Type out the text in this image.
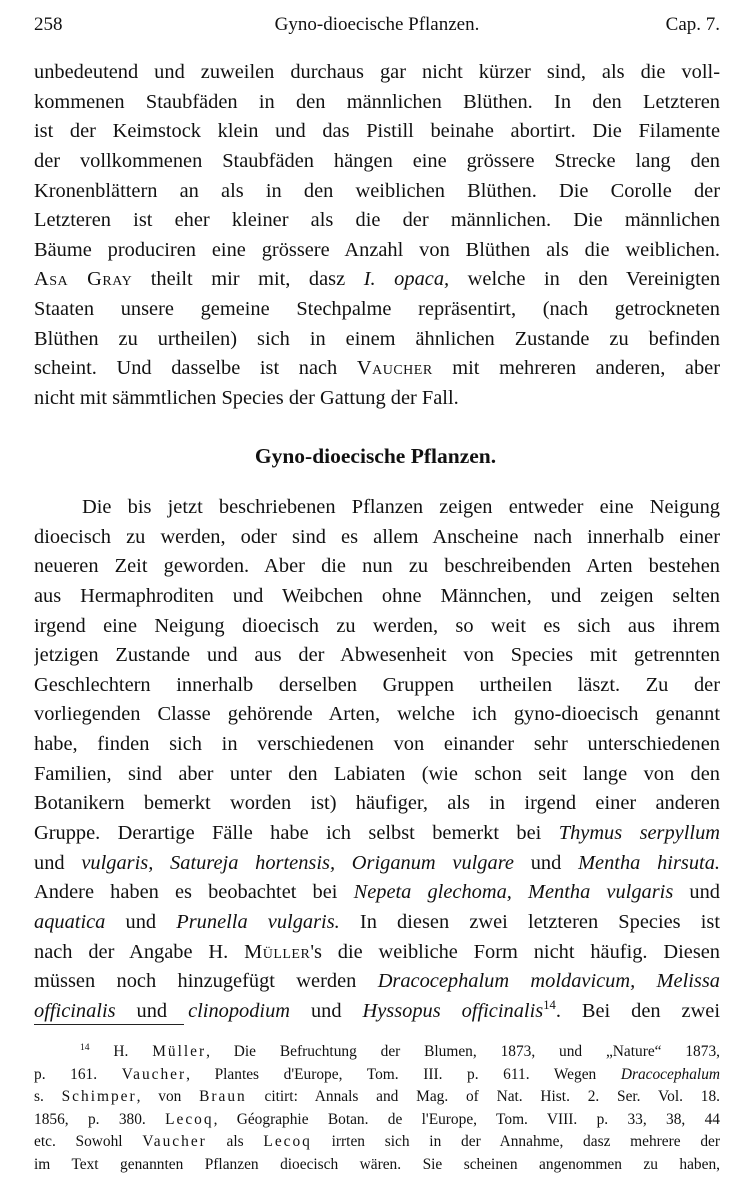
258	Gyno-dioecische Pflanzen.	Cap. 7.
unbedeutend und zuweilen durchaus gar nicht kürzer sind, als die voll-
kommenen Staubfäden in den männlichen Blüthen. In den Letzteren
ist der Keimstock klein und das Pistill beinahe abortirt. Die Filamente
der vollkommenen Staubfäden hängen eine grössere Strecke lang den
Kronenblättern an als in den weiblichen Blüthen. Die Corolle der
Letzteren ist eher kleiner als die der männlichen. Die männlichen
Bäume produciren eine grössere Anzahl von Blüthen als die weiblichen.
Asa Gray theilt mir mit, dasz I. opaca, welche in den Vereinigten
Staaten unsere gemeine Stechpalme repräsentirt, (nach getrockneten
Blüthen zu urtheilen) sich in einem ähnlichen Zustande zu befinden
scheint. Und dasselbe ist nach Vaucher mit mehreren anderen, aber
nicht mit sämmtlichen Species der Gattung der Fall.
Gyno-dioecische Pflanzen.
Die bis jetzt beschriebenen Pflanzen zeigen entweder eine Neigung
dioecisch zu werden, oder sind es allem Anscheine nach innerhalb einer
neueren Zeit geworden. Aber die nun zu beschreibenden Arten bestehen
aus Hermaphroditen und Weibchen ohne Männchen, und zeigen selten
irgend eine Neigung dioecisch zu werden, so weit es sich aus ihrem
jetzigen Zustande und aus der Abwesenheit von Species mit getrennten
Geschlechtern innerhalb derselben Gruppen urtheilen läszt. Zu der
vorliegenden Classe gehörende Arten, welche ich gyno-dioecisch genannt
habe, finden sich in verschiedenen von einander sehr unterschiedenen
Familien, sind aber unter den Labiaten (wie schon seit lange von den
Botanikern bemerkt worden ist) häufiger, als in irgend einer anderen
Gruppe. Derartige Fälle habe ich selbst bemerkt bei Thymus serpyllum
und vulgaris, Satureja hortensis, Origanum vulgare und Mentha hirsuta.
Andere haben es beobachtet bei Nepeta glechoma, Mentha vulgaris und
aquatica und Prunella vulgaris. In diesen zwei letzteren Species ist
nach der Angabe H. Müller's die weibliche Form nicht häufig. Diesen
müssen noch hinzugefügt werden Dracocephalum moldavicum, Melissa
officinalis und clinopodium und Hyssopus officinalis$^{14}$. Bei den zwei
$^{14}$ H. Müller, Die Befruchtung der Blumen, 1873, und „Nature“ 1873,
p. 161. Vaucher, Plantes d'Europe, Tom. III. p. 611. Wegen Dracocephalum
s. Schimper, von Braun citirt: Annals and Mag. of Nat. Hist. 2. Ser. Vol. 18.
1856, p. 380. Lecoq, Géographie Botan. de l'Europe, Tom. VIII. p. 33, 38, 44
etc. Sowohl Vaucher als Lecoq irrten sich in der Annahme, dasz mehrere der
im Text genannten Pflanzen dioecisch wären. Sie scheinen angenommen zu haben,
